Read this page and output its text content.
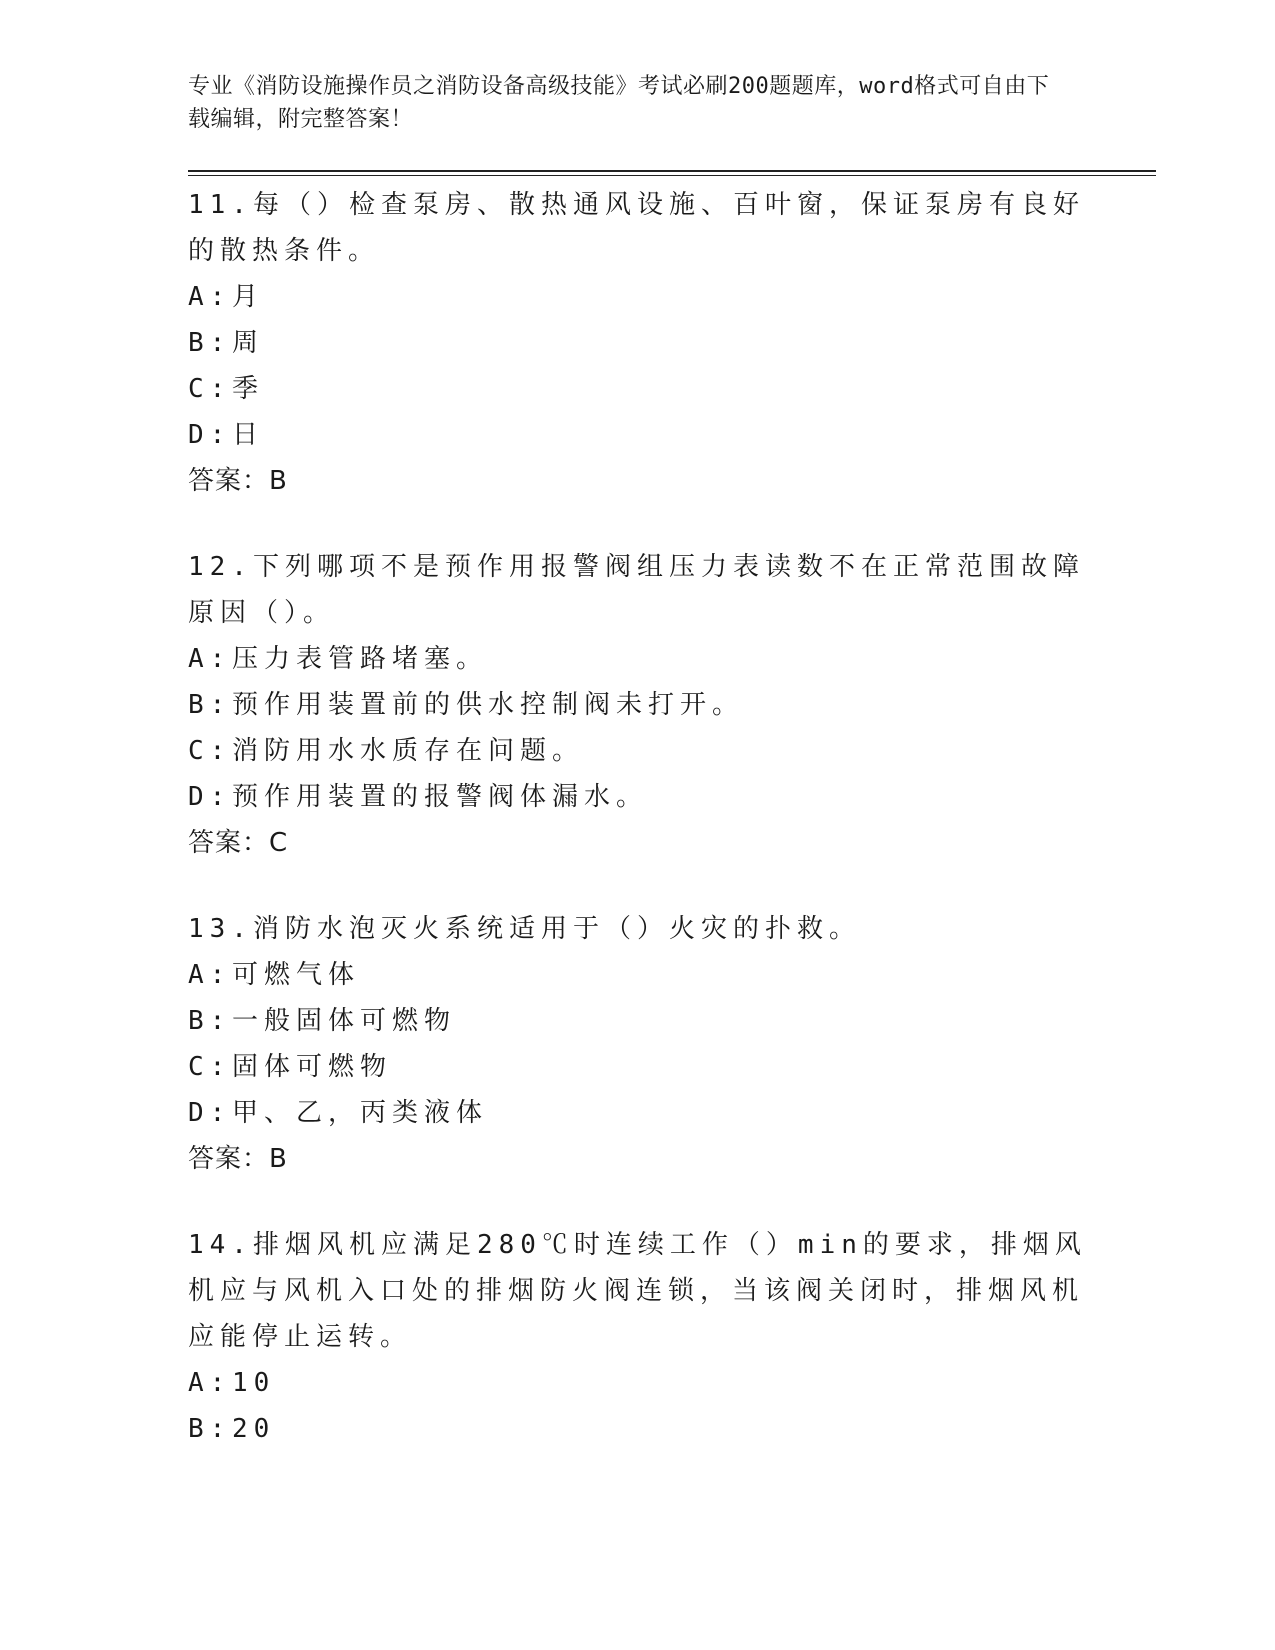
专业《消防设施操作员之消防设备高级技能》考试必刷200题题库，word格式可自由下载编辑，附完整答案！
11.每（）检查泵房、散热通风设施、百叶窗，保证泵房有良好的散热条件。
A: 月
B: 周
C: 季
D: 日
答案：B
12.下列哪项不是预作用报警阀组压力表读数不在正常范围故障原因（）。
A: 压力表管路堵塞。
B: 预作用装置前的供水控制阀未打开。
C: 消防用水水质存在问题。
D: 预作用装置的报警阀体漏水。
答案：C
13.消防水泡灭火系统适用于（）火灾的扑救。
A: 可燃气体
B: 一般固体可燃物
C: 固体可燃物
D: 甲、乙，丙类液体
答案：B
14.排烟风机应满足280℃时连续工作（）min的要求，排烟风机应与风机入口处的排烟防火阀连锁，当该阀关闭时，排烟风机应能停止运转。
A: 10
B: 20
